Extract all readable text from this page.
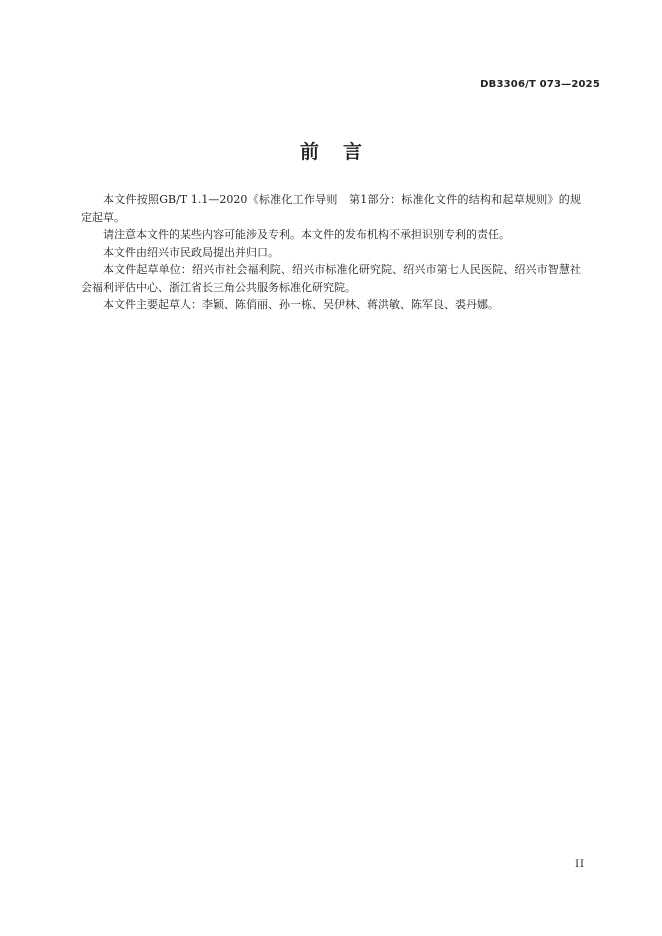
DB3306/T 073—2025
前言

本文件按照GB/T 1.1—2020《标准化工作导则　第1部分：标准化文件的结构和起草规则》的规定起草。

请注意本文件的某些内容可能涉及专利。本文件的发布机构不承担识别专利的责任。

本文件由绍兴市民政局提出并归口。

本文件起草单位：绍兴市社会福利院、绍兴市标准化研究院、绍兴市第七人民医院、绍兴市智慧社会福利评估中心、浙江省长三角公共服务标准化研究院。

本文件主要起草人：李颖、陈俏丽、孙一栋、吴伊林、蒋洪敏、陈军良、裘丹娜。

II
